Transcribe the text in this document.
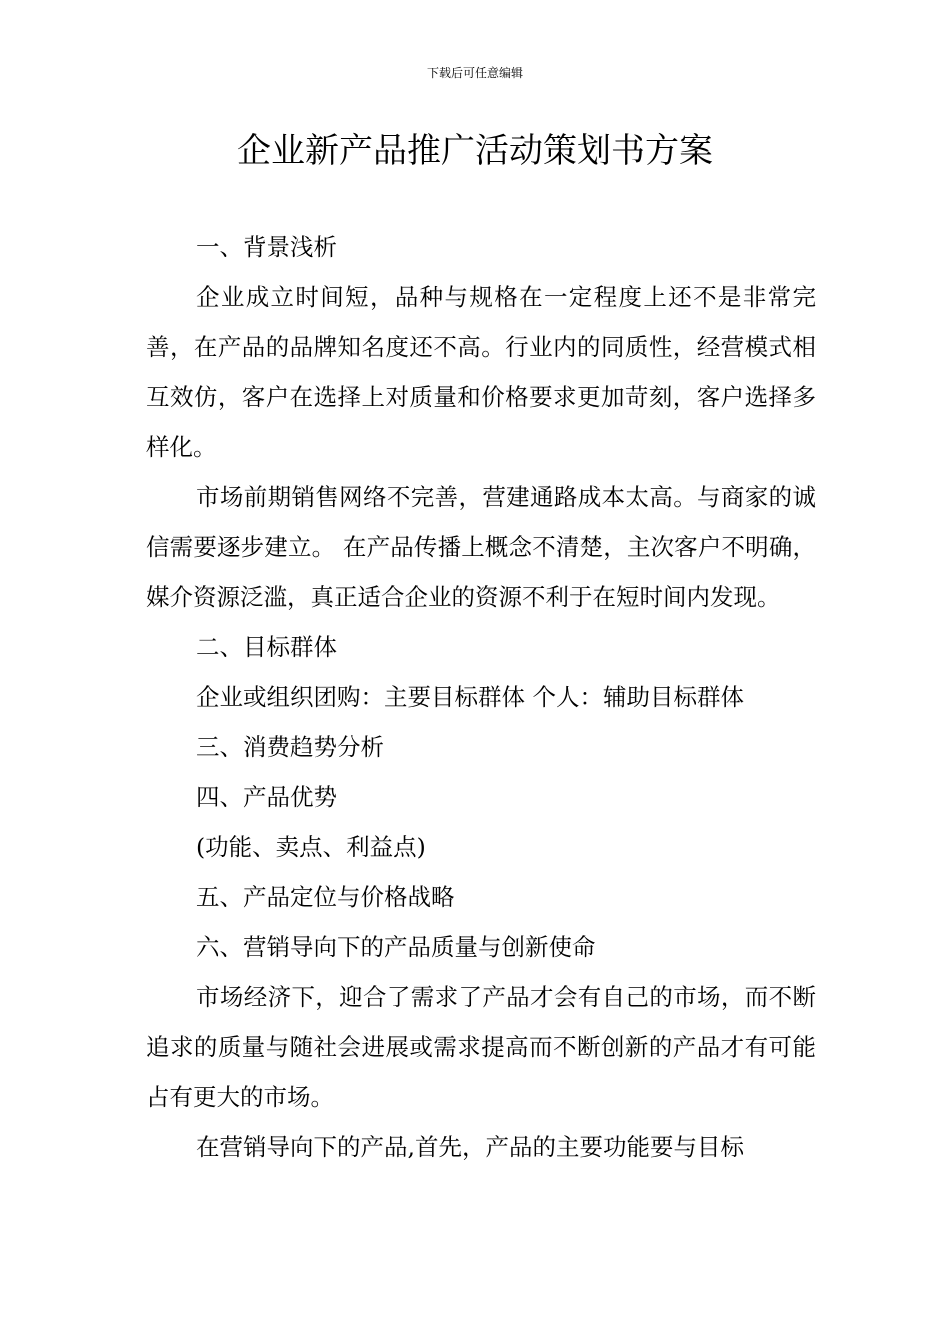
下载后可任意编辑
企业新产品推广活动策划书方案

一、背景浅析

企业成立时间短，品种与规格在一定程度上还不是非常完善，在产品的品牌知名度还不高。行业内的同质性，经营模式相互效仿，客户在选择上对质量和价格要求更加苛刻，客户选择多样化。

市场前期销售网络不完善，营建通路成本太高。与商家的诚信需要逐步建立。 在产品传播上概念不清楚，主次客户不明确，媒介资源泛滥，真正适合企业的资源不利于在短时间内发现。

二、目标群体

企业或组织团购：主要目标群体 个人：辅助目标群体

三、消费趋势分析

四、产品优势

(功能、卖点、利益点)

五、产品定位与价格战略

六、营销导向下的产品质量与创新使命

市场经济下，迎合了需求了产品才会有自己的市场，而不断追求的质量与随社会进展或需求提高而不断创新的产品才有可能占有更大的市场。

在营销导向下的产品,首先，产品的主要功能要与目标
